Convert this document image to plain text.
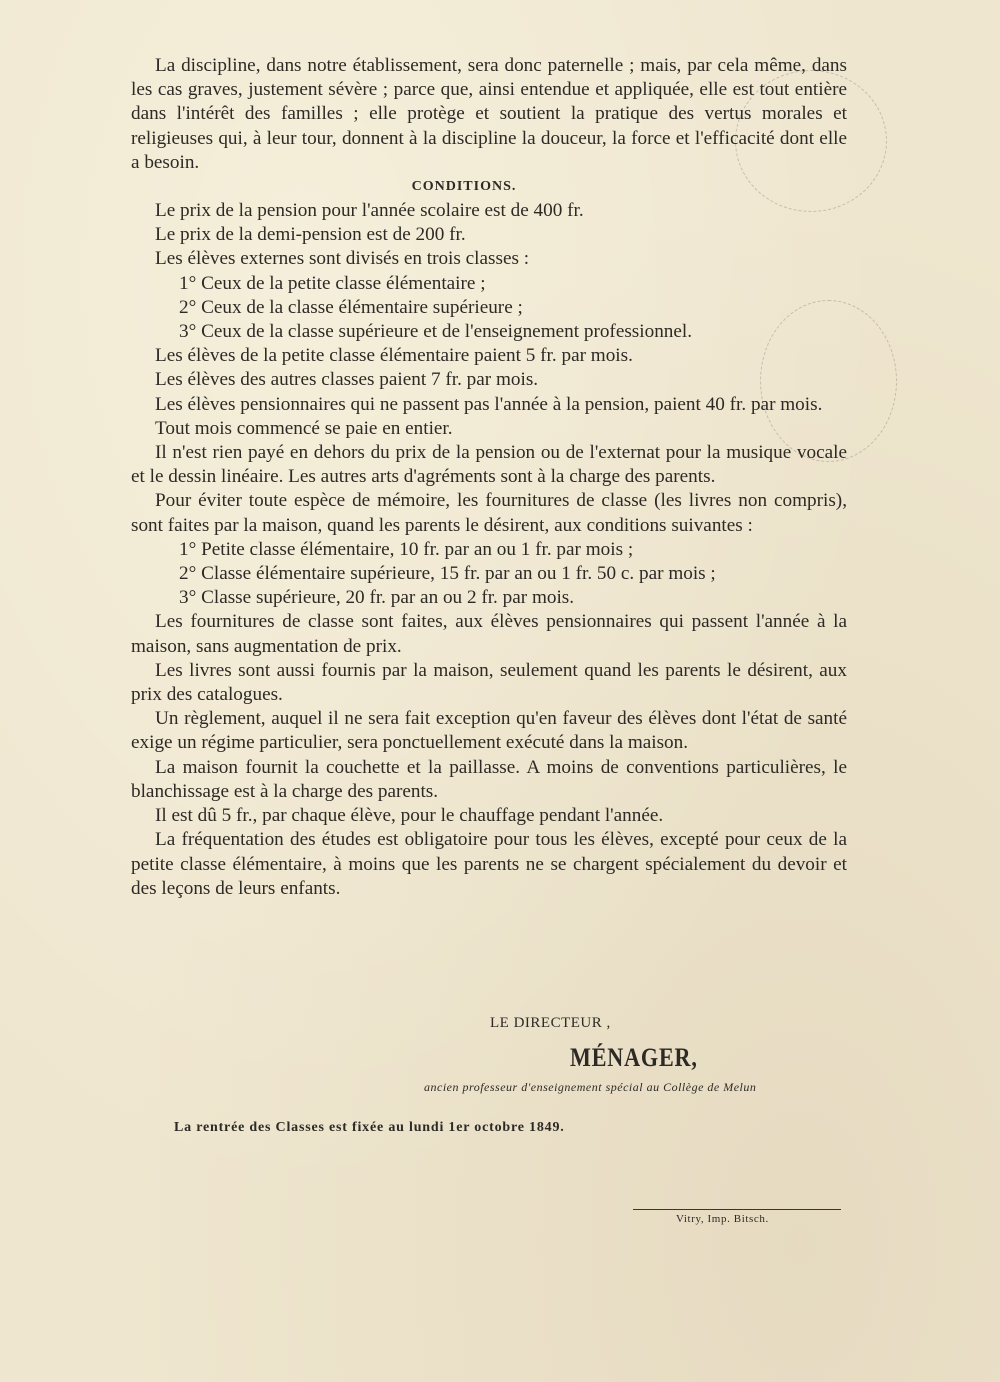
La discipline, dans notre établissement, sera donc paternelle ; mais, par cela même, dans les cas graves, justement sévère ; parce que, ainsi entendue et appliquée, elle est tout entière dans l'intérêt des familles ; elle protège et soutient la pratique des vertus morales et religieuses qui, à leur tour, donnent à la discipline la douceur, la force et l'efficacité dont elle a besoin.

CONDITIONS.

Le prix de la pension pour l'année scolaire est de 400 fr.

Le prix de la demi-pension est de 200 fr.

Les élèves externes sont divisés en trois classes :

1° Ceux de la petite classe élémentaire ;

2° Ceux de la classe élémentaire supérieure ;

3° Ceux de la classe supérieure et de l'enseignement professionnel.

Les élèves de la petite classe élémentaire paient 5 fr. par mois.

Les élèves des autres classes paient 7 fr. par mois.

Les élèves pensionnaires qui ne passent pas l'année à la pension, paient 40 fr. par mois.

Tout mois commencé se paie en entier.

Il n'est rien payé en dehors du prix de la pension ou de l'externat pour la musique vocale et le dessin linéaire. Les autres arts d'agréments sont à la charge des parents.

Pour éviter toute espèce de mémoire, les fournitures de classe (les livres non compris), sont faites par la maison, quand les parents le désirent, aux conditions suivantes :

1° Petite classe élémentaire, 10 fr. par an ou 1 fr. par mois ;

2° Classe élémentaire supérieure, 15 fr. par an ou 1 fr. 50 c. par mois ;

3° Classe supérieure, 20 fr. par an ou 2 fr. par mois.

Les fournitures de classe sont faites, aux élèves pensionnaires qui passent l'année à la maison, sans augmentation de prix.

Les livres sont aussi fournis par la maison, seulement quand les parents le désirent, aux prix des catalogues.

Un règlement, auquel il ne sera fait exception qu'en faveur des élèves dont l'état de santé exige un régime particulier, sera ponctuellement exécuté dans la maison.

La maison fournit la couchette et la paillasse. A moins de conventions particulières, le blanchissage est à la charge des parents.

Il est dû 5 fr., par chaque élève, pour le chauffage pendant l'année.

La fréquentation des études est obligatoire pour tous les élèves, excepté pour ceux de la petite classe élémentaire, à moins que les parents ne se chargent spécialement du devoir et des leçons de leurs enfants.

LE DIRECTEUR ,

MÉNAGER,

ancien professeur d'enseignement spécial au Collège de Melun

La rentrée des Classes est fixée au lundi 1er octobre 1849.

Vitry, Imp. Bitsch.
